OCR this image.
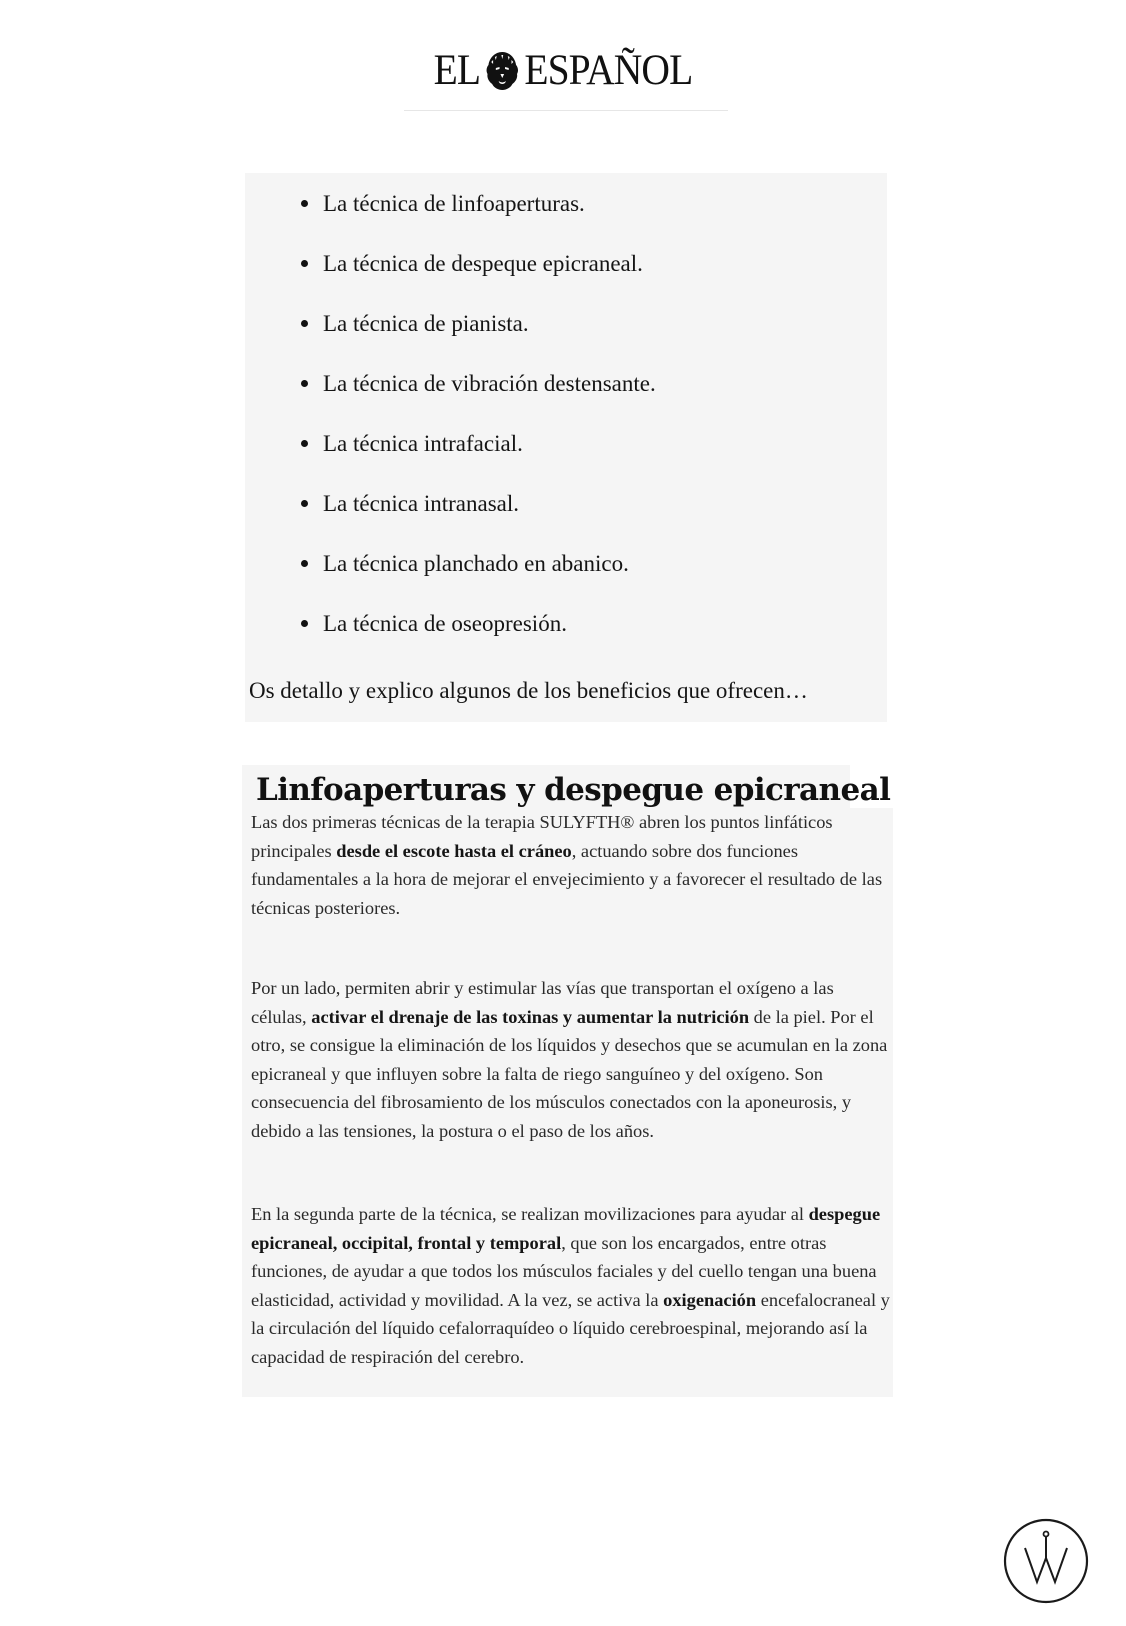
EL ESPAÑOL
La técnica de linfoaperturas.
La técnica de despeque epicraneal.
La técnica de pianista.
La técnica de vibración destensante.
La técnica intrafacial.
La técnica intranasal.
La técnica planchado en abanico.
La técnica de oseopresión.
Os detallo y explico algunos de los beneficios que ofrecen…
Linfoaperturas y despegue epicraneal

Las dos primeras técnicas de la terapia SULYFTH® abren los puntos linfáticos principales desde el escote hasta el cráneo, actuando sobre dos funciones fundamentales a la hora de mejorar el envejecimiento y a favorecer el resultado de las técnicas posteriores.

Por un lado, permiten abrir y estimular las vías que transportan el oxígeno a las células, activar el drenaje de las toxinas y aumentar la nutrición de la piel. Por el otro, se consigue la eliminación de los líquidos y desechos que se acumulan en la zona epicraneal y que influyen sobre la falta de riego sanguíneo y del oxígeno. Son consecuencia del fibrosamiento de los músculos conectados con la aponeurosis, y debido a las tensiones, la postura o el paso de los años.

En la segunda parte de la técnica, se realizan movilizaciones para ayudar al despegue epicraneal, occipital, frontal y temporal, que son los encargados, entre otras funciones, de ayudar a que todos los músculos faciales y del cuello tengan una buena elasticidad, actividad y movilidad. A la vez, se activa la oxigenación encefalocraneal y la circulación del líquido cefalorraquídeo o líquido cerebroespinal, mejorando así la capacidad de respiración del cerebro.
